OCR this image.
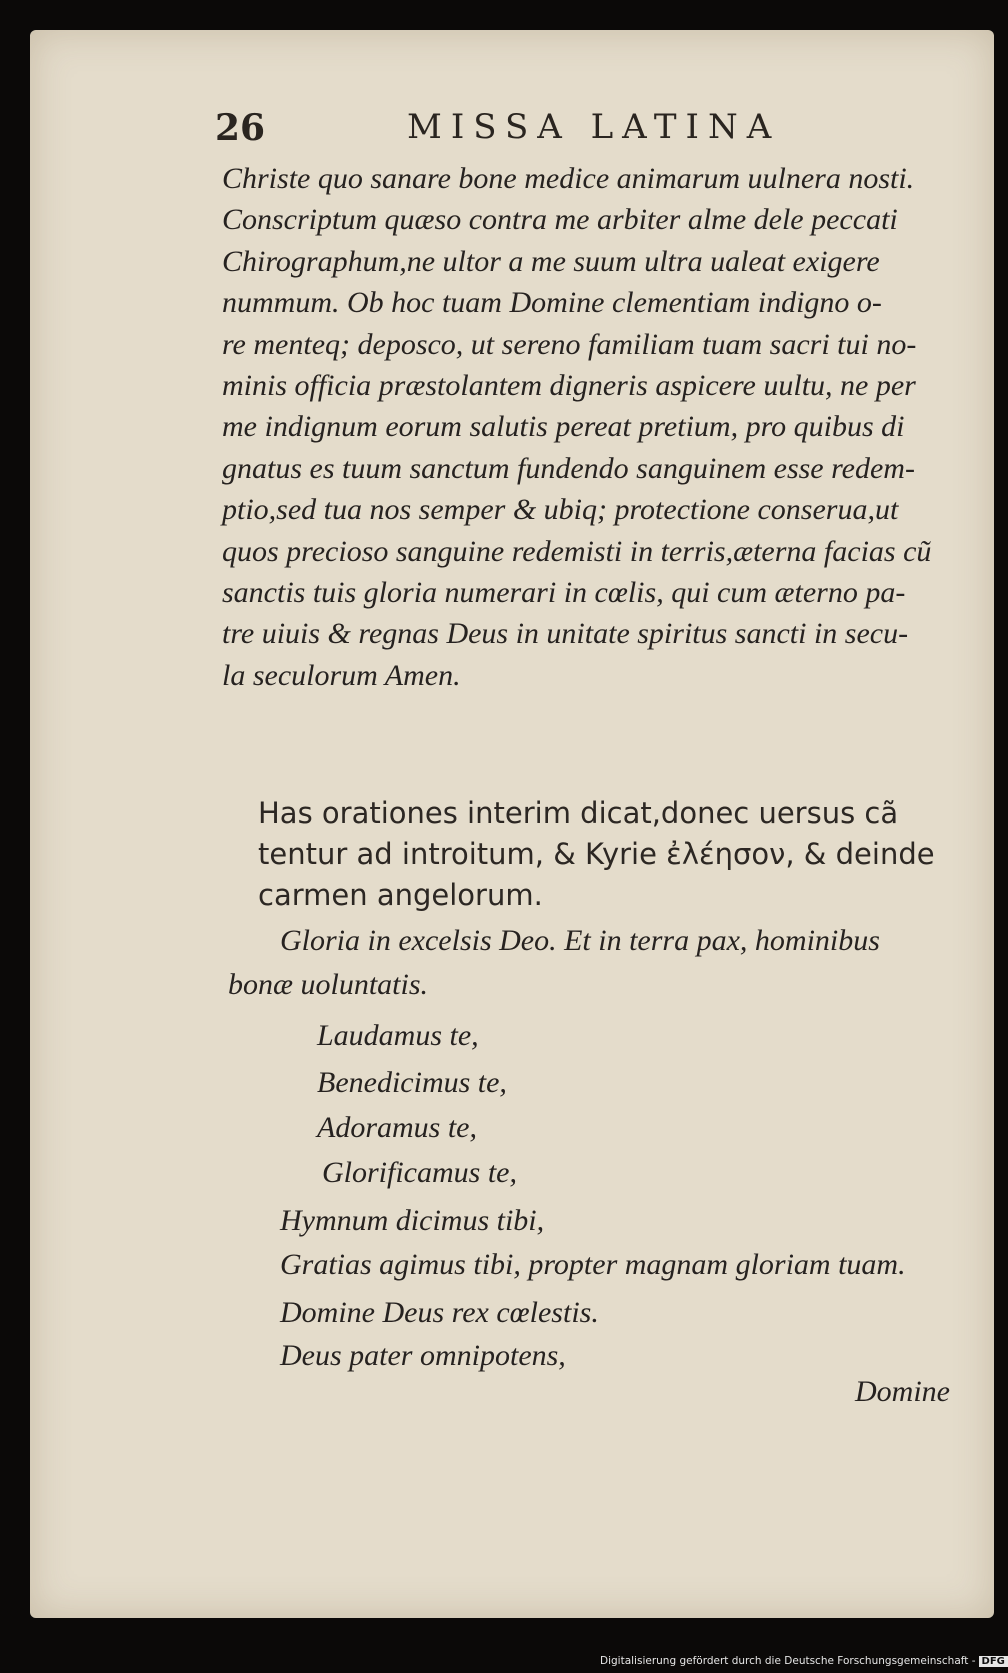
26	MISSA LATINA
Christe quo sanare bone medice animarum uulnera nosti.
Conscriptum quæso contra me arbiter alme dele peccati
Chirographum,ne ultor a me suum ultra ualeat exigere
nummum. Ob hoc tuam Domine clementiam indigno o-
re menteq; deposco, ut sereno familiam tuam sacri tui no-
minis officia præstolantem digneris aspicere uultu, ne per
me indignum eorum salutis pereat pretium, pro quibus di
gnatus es tuum sanctum fundendo sanguinem esse redem-
ptio,sed tua nos semper & ubiq; protectione conserua,ut
quos precioso sanguine redemisti in terris,æterna facias cũ
sanctis tuis gloria numerari in cœlis, qui cum æterno pa-
tre uiuis & regnas Deus in unitate spiritus sancti in secu-
la seculorum Amen.
Has orationes interim dicat,donec uersus cã
tentur ad introitum, & Kyrie ἐλέησον, & deinde
carmen angelorum.
Gloria in excelsis Deo. Et in terra pax, hominibus
bonæ uoluntatis.
Laudamus te,
Benedicimus te,
Adoramus te,
Glorificamus te,
Hymnum dicimus tibi,
Gratias agimus tibi, propter magnam gloriam tuam.
Domine Deus rex cœlestis.
Deus pater omnipotens,
Domine
Digitalisierung gefördert durch die Deutsche Forschungsgemeinschaft - DFG
